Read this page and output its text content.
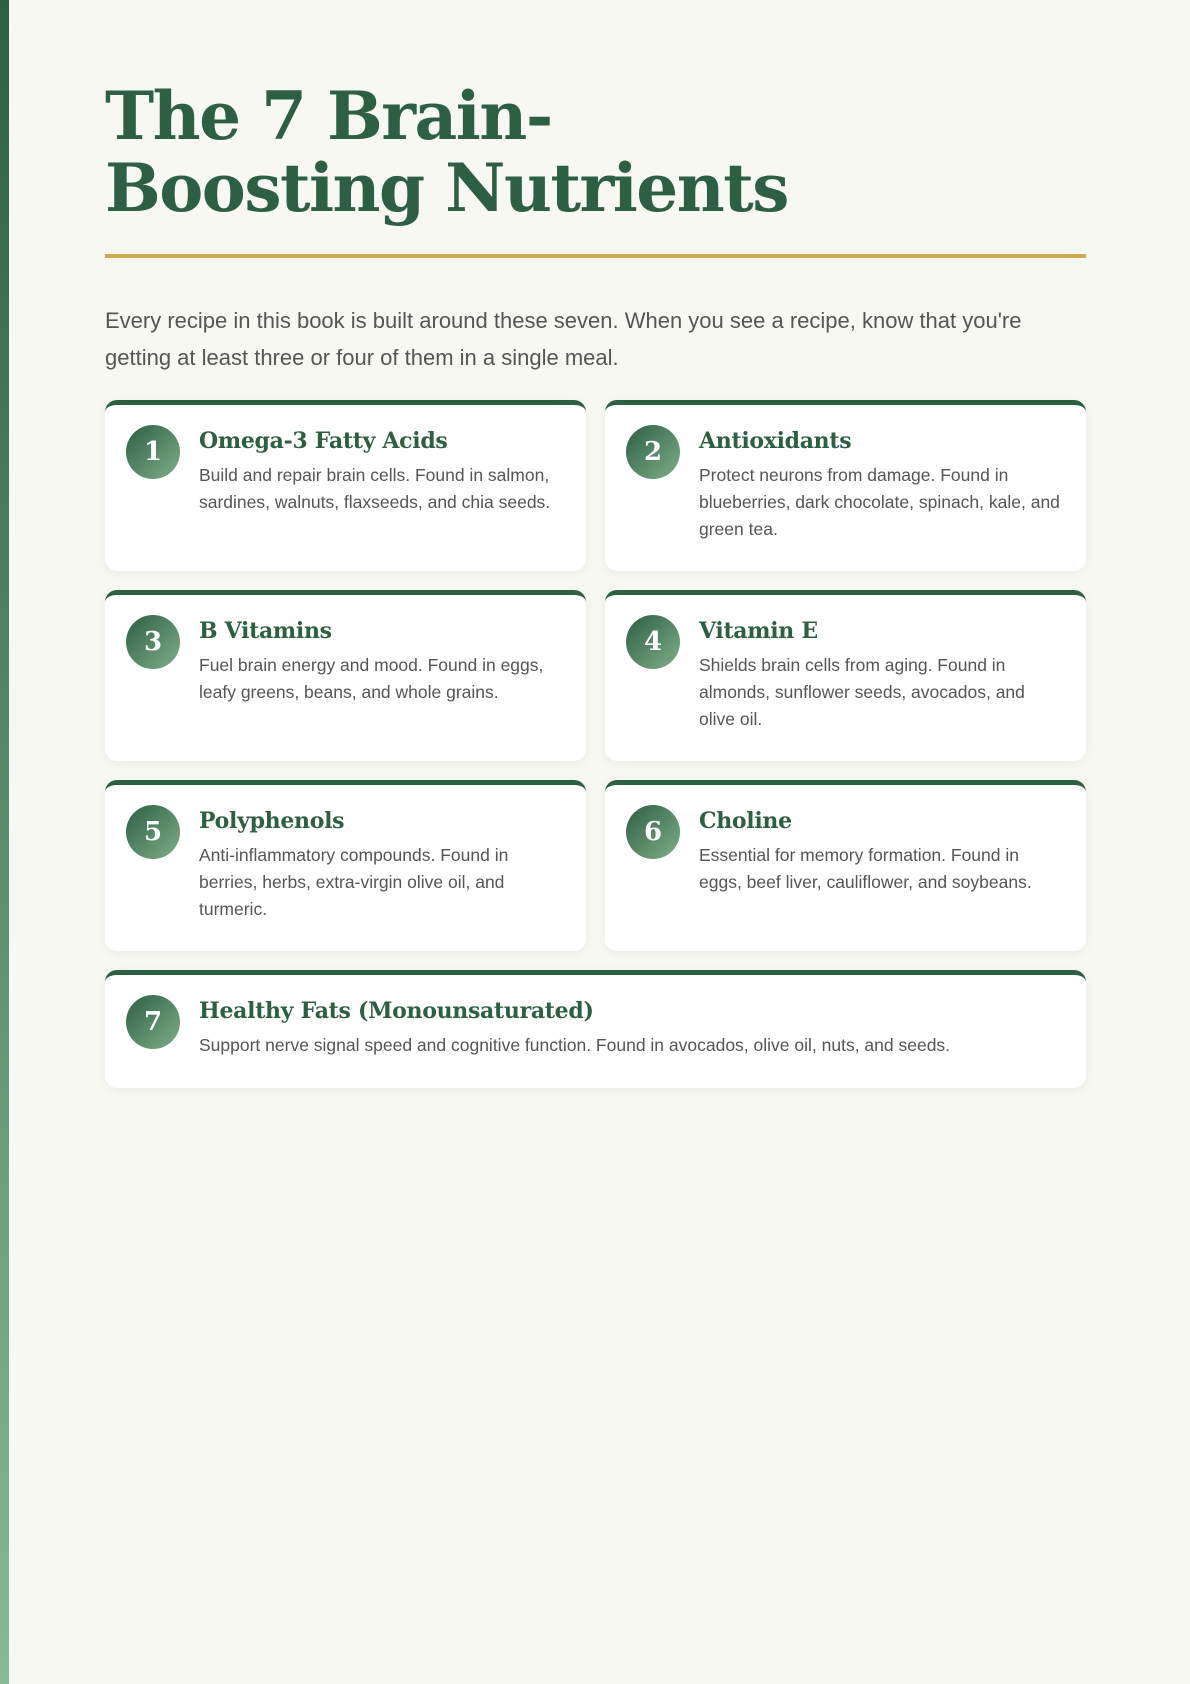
The 7 Brain-Boosting Nutrients

Every recipe in this book is built around these seven. When you see a recipe, know that you're getting at least three or four of them in a single meal.

1	Omega-3 Fatty Acids

Build and repair brain cells. Found in salmon, sardines, walnuts, flaxseeds, and chia seeds.

2	Antioxidants

Protect neurons from damage. Found in blueberries, dark chocolate, spinach, kale, and green tea.

3	B Vitamins

Fuel brain energy and mood. Found in eggs, leafy greens, beans, and whole grains.

4	Vitamin E

Shields brain cells from aging. Found in almonds, sunflower seeds, avocados, and olive oil.

5	Polyphenols

Anti-inflammatory compounds. Found in berries, herbs, extra-virgin olive oil, and turmeric.

6	Choline

Essential for memory formation. Found in eggs, beef liver, cauliflower, and soybeans.

7	Healthy Fats (Monounsaturated)

Support nerve signal speed and cognitive function. Found in avocados, olive oil, nuts, and seeds.
